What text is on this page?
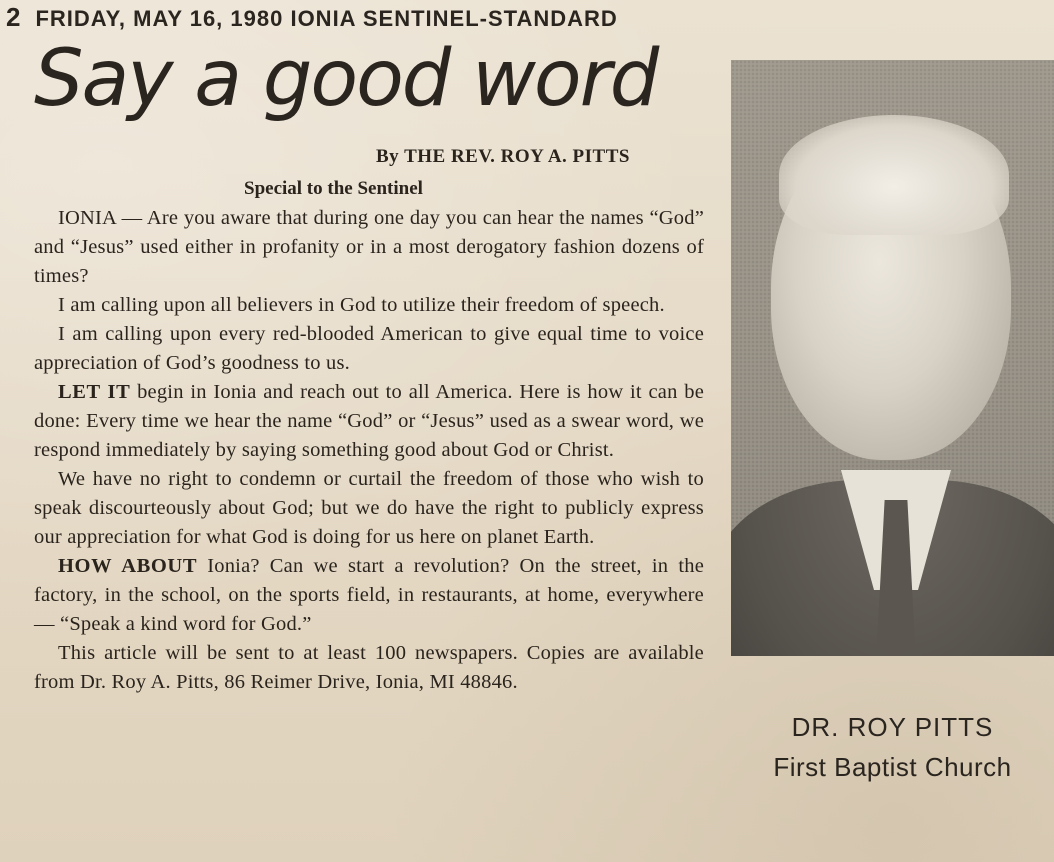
2 FRIDAY, MAY 16, 1980 IONIA SENTINEL-STANDARD
Say a good word
By THE REV. ROY A. PITTS
Special to the Sentinel

IONIA — Are you aware that during one day you can hear the names “God” and “Jesus” used either in profanity or in a most derogatory fashion dozens of times?

I am calling upon all believers in God to utilize their freedom of speech.

I am calling upon every red-blooded American to give equal time to voice appreciation of God’s goodness to us.

LET IT begin in Ionia and reach out to all America. Here is how it can be done: Every time we hear the name “God” or “Jesus” used as a swear word, we respond immediately by saying something good about God or Christ.

We have no right to condemn or curtail the freedom of those who wish to speak discourteously about God; but we do have the right to publicly express our appreciation for what God is doing for us here on planet Earth.

HOW ABOUT Ionia? Can we start a revolution? On the street, in the factory, in the school, on the sports field, in restaurants, at home, everywhere — “Speak a kind word for God.”

This article will be sent to at least 100 newspapers. Copies are available from Dr. Roy A. Pitts, 86 Reimer Drive, Ionia, MI 48846.

DR. ROY PITTS
First Baptist Church
